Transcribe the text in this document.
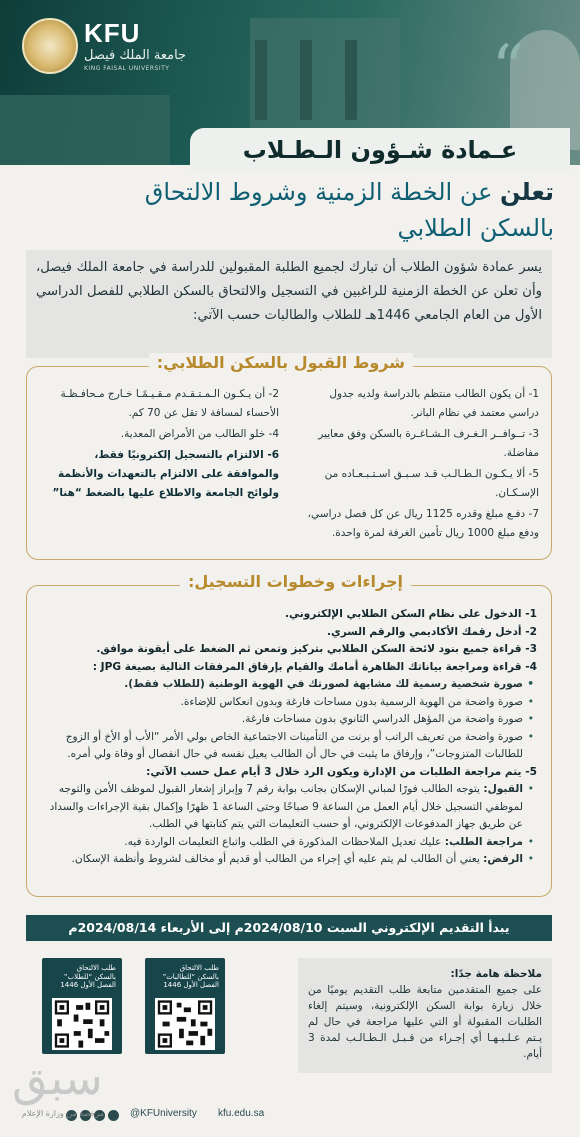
KFU
جامعة الملك فيصل
KING FAISAL UNIVERSITY	“
عـمادة شـؤون الـطـلاب
تعلن عن الخطة الزمنية وشروط الالتحاق
بالسكن الطلابي
يسر عمادة شؤون الطلاب أن تبارك لجميع الطلبة المقبولين للدراسة في جامعة الملك فيصل، وأن تعلن عن الخطة الزمنية للراغبين في التسجيل والالتحاق بالسكن الطلابي للفصل الدراسي الأول من العام الجامعي 1446هـ للطلاب والطالبات حسب الآتي:
شروط القبول بالسكن الطلابي:
1- أن يكون الطالب منتظم بالدراسة ولديه جدول دراسي معتمد في نظام البانر.
3- تــوافــر الـغـرف الـشـاغـرة بالسكن وفق معايير مفاضلة.
5- ألا يـكـون الـطـالـب قـد سـبـق اسـتـبـعـاده من الإسـكـان.
7- دفـع مبلغ وقدره 1125 ريال عن كل فصل دراسي، ودفع مبلغ 1000 ريال تأمين الغرفة لمرة واحدة.
2- أن يـكـون الـمـتـقـدم مـقـيـمًـا خـارج مـحافـظـة الأحساء لمسافة لا تقل عن 70 كم.
4- خلو الطالب من الأمراض المعدية.
6- الالتزام بالتسجيل إلكترونيًا فقط، والموافقة على الالتزام بالتعهدات والأنظمة ولوائح الجامعة والاطلاع عليها بالضغط “هنا”
إجراءات وخطوات التسجيل:
1- الدخول على نظام السكن الطلابي الإلكتروني.
2- أدخل رقمك الأكاديمي والرقم السري.
3- قراءة جميع بنود لائحة السكن الطلابي بتركيز وتمعن ثم الضغط على أيقونة موافق.
4- قراءة ومراجعة بياناتك الظاهرة أمامك والقيام بإرفاق المرفقات التالية بصيغة JPG :
• صورة شخصية رسمية لك مشابهة لصورتك في الهوية الوطنية (للطلاب فقط).
• صورة واضحة من الهوية الرسمية بدون مساحات فارغة وبدون انعكاس للإضاءة.
• صورة واضحة من المؤهل الدراسي الثانوي بدون مساحات فارغة.
• صورة واضحة من تعريف الراتب أو برنت من التأمينات الاجتماعية الخاص بولي الأمر “الأب أو الأخ أو الزوج للطالبات المتزوجات”، وإرفاق ما يثبت في حال أن الطالب يعيل نفسه في حال انفصال أو وفاة ولي أمره.
5- يتم مراجعة الطلبات من الإدارة ويكون الرد خلال 3 أيام عمل حسب الآتي:
• القبول: يتوجه الطالب فورًا لمباني الإسكان بجانب بوابة رقم 7 وإبراز إشعار القبول لموظف الأمن والتوجه لموظفي التسجيل خلال أيام العمل من الساعة 9 صباحًا وحتى الساعة 1 ظهرًا وإكمال بقية الإجراءات والسداد عن طريق جهاز المدفوعات الإلكتروني، أو حسب التعليمات التي يتم كتابتها في الطلب.
• مراجعة الطلب: عليك تعديل الملاحظات المذكورة في الطلب واتباع التعليمات الواردة فيه.
• الرفض: يعني أن الطالب لم يتم عليه أي إجراء من الطالب أو قديم أو مخالف لشروط وأنظمة الإسكان.
يبدأ التقديم الإلكتروني السبت 2024/08/10م إلى الأربعاء 2024/08/14م
طلب الالتحاق
بالسكن “للطالبات”
الفصل الأول 1446
طلب الالتحاق
بالسكن “للطلاب”
الفصل الأول 1446
ملاحظة هامة جدًا:
على جميع المتقدمين متابعة طلب التقديم يوميًا من خلال زيارة بوابة السكن الإلكترونية، وسيتم إلغاء الطلبات المقبولة أو التي عليها مراجعة في حال لم يـتم عـلـيـهـا أي إجـراء من قـبـل الـطـالـب لمدة 3 أيام.
@KFUniversity kfu.edu.sa
سبق
مرخصة من وزارة الإعلام
